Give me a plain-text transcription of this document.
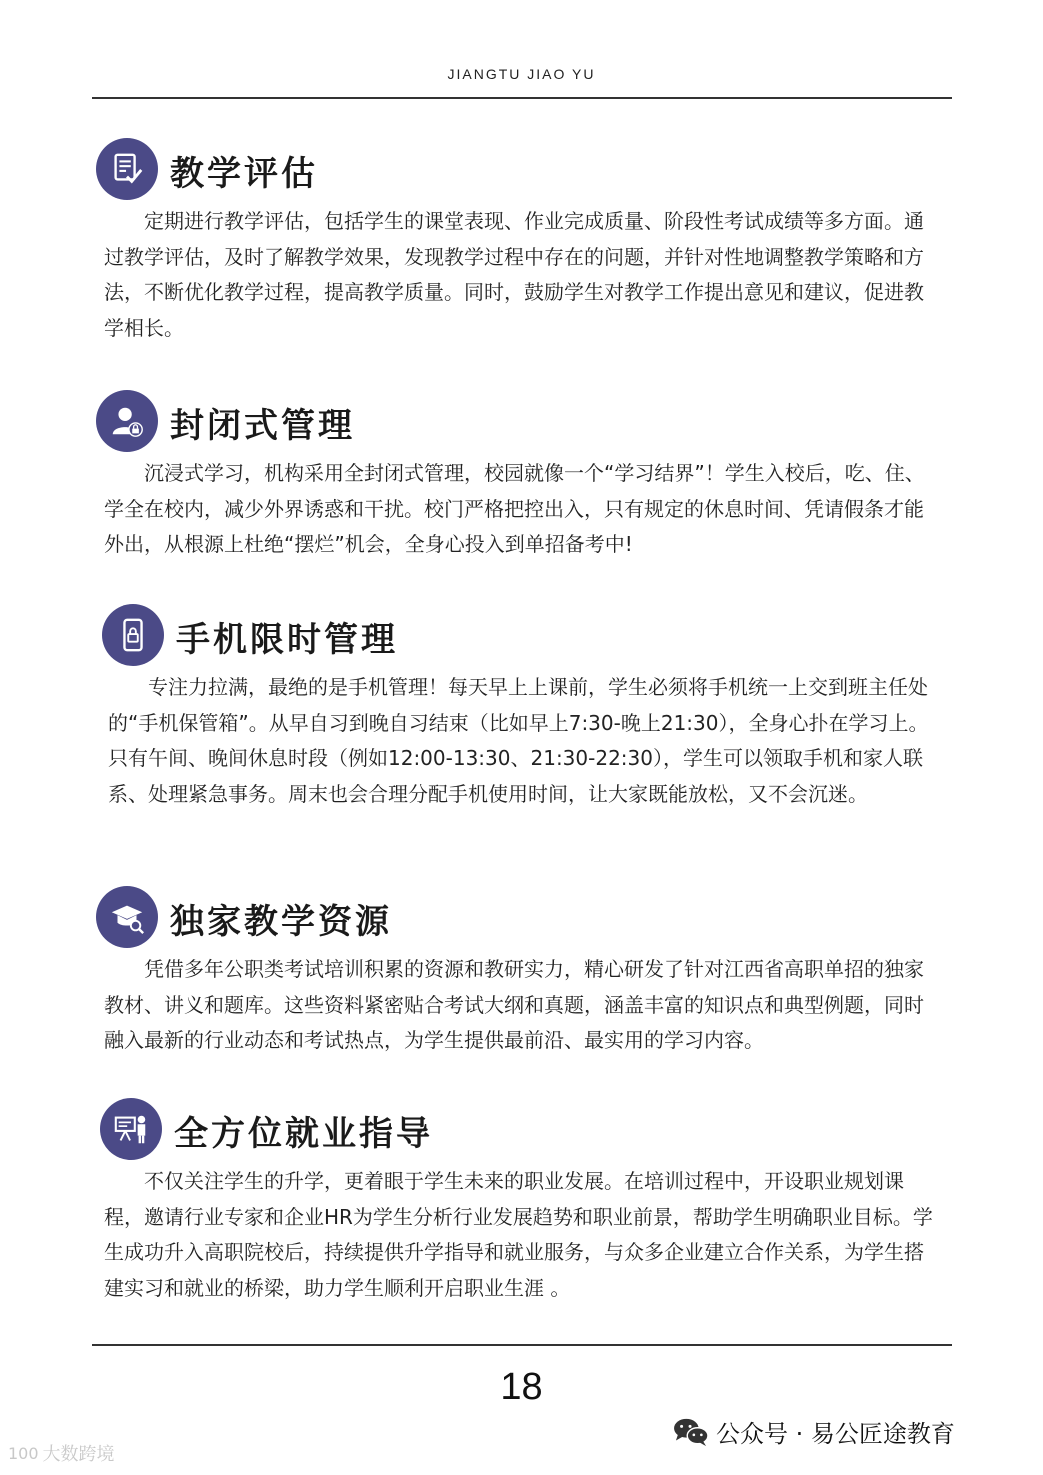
JIANGTU JIAO YU
教学评估

定期进行教学评估，包括学生的课堂表现、作业完成质量、阶段性考试成绩等多方面。通过教学评估，及时了解教学效果，发现教学过程中存在的问题，并针对性地调整教学策略和方法，不断优化教学过程，提高教学质量。同时，鼓励学生对教学工作提出意见和建议，促进教学相长。

封闭式管理

沉浸式学习，机构采用全封闭式管理，校园就像一个“学习结界”！学生入校后，吃、住、学全在校内，减少外界诱惑和干扰。校门严格把控出入，只有规定的休息时间、凭请假条才能外出，从根源上杜绝“摆烂”机会，全身心投入到单招备考中!

手机限时管理

专注力拉满，最绝的是手机管理！每天早上上课前，学生必须将手机统一上交到班主任处的“手机保管箱”。从早自习到晚自习结束（比如早上7:30-晚上21:30），全身心扑在学习上。只有午间、晚间休息时段（例如12:00-13:30、21:30-22:30），学生可以领取手机和家人联系、处理紧急事务。周末也会合理分配手机使用时间，让大家既能放松，又不会沉迷。

独家教学资源

凭借多年公职类考试培训积累的资源和教研实力，精心研发了针对江西省高职单招的独家教材、讲义和题库。这些资料紧密贴合考试大纲和真题，涵盖丰富的知识点和典型例题，同时融入最新的行业动态和考试热点，为学生提供最前沿、最实用的学习内容。

全方位就业指导

不仅关注学生的升学，更着眼于学生未来的职业发展。在培训过程中，开设职业规划课程，邀请行业专家和企业HR为学生分析行业发展趋势和职业前景，帮助学生明确职业目标。学生成功升入高职院校后，持续提供升学指导和就业服务，与众多企业建立合作关系，为学生搭建实习和就业的桥梁，助力学生顺利开启职业生涯 。

18
公众号 · 易公匠途教育
100 大数跨境
